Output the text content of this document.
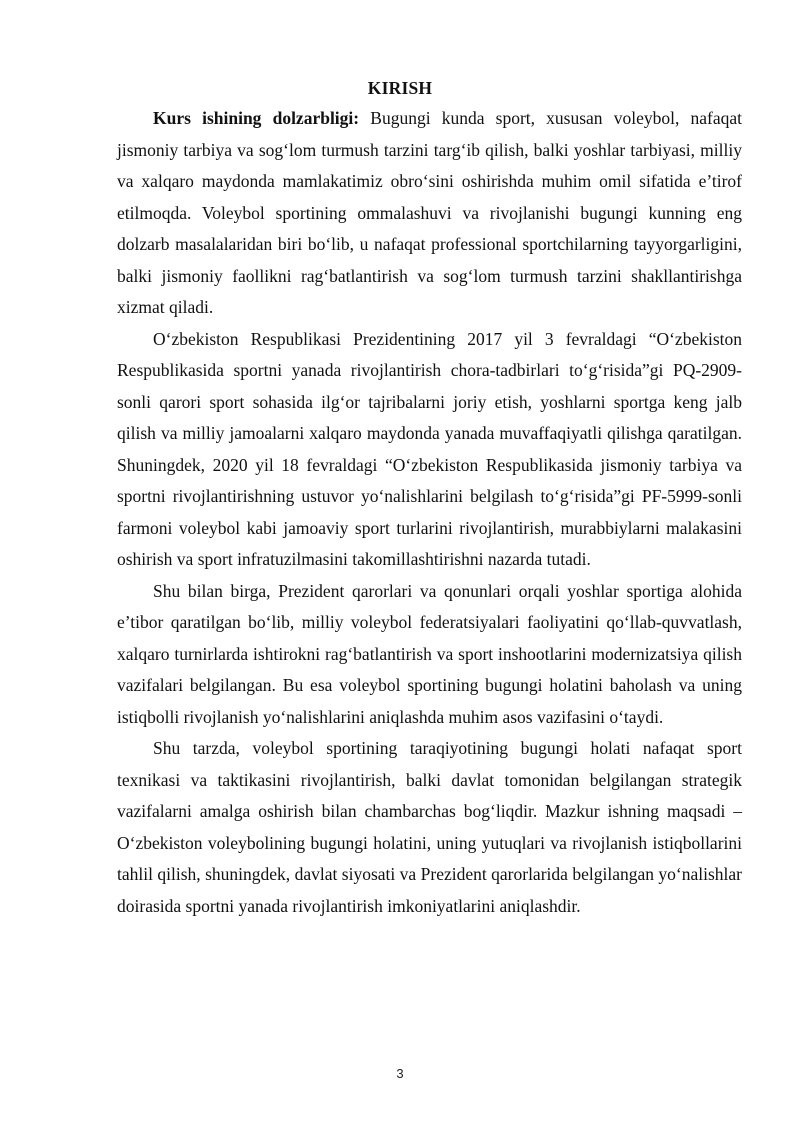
KIRISH

Kurs ishining dolzarbligi: Bugungi kunda sport, xususan voleybol, nafaqat jismoniy tarbiya va sog‘lom turmush tarzini targ‘ib qilish, balki yoshlar tarbiyasi, milliy va xalqaro maydonda mamlakatimiz obro‘sini oshirishda muhim omil sifatida e’tirof etilmoqda. Voleybol sportining ommalashuvi va rivojlanishi bugungi kunning eng dolzarb masalalaridan biri bo‘lib, u nafaqat professional sportchilarning tayyorgarligini, balki jismoniy faollikni rag‘batlantirish va sog‘lom turmush tarzini shakllantirishga xizmat qiladi.

O‘zbekiston Respublikasi Prezidentining 2017 yil 3 fevraldagi “O‘zbekiston Respublikasida sportni yanada rivojlantirish chora-tadbirlari to‘g‘risida”gi PQ-2909-sonli qarori sport sohasida ilg‘or tajribalarni joriy etish, yoshlarni sportga keng jalb qilish va milliy jamoalarni xalqaro maydonda yanada muvaffaqiyatli qilishga qaratilgan. Shuningdek, 2020 yil 18 fevraldagi “O‘zbekiston Respublikasida jismoniy tarbiya va sportni rivojlantirishning ustuvor yo‘nalishlarini belgilash to‘g‘risida”gi PF-5999-sonli farmoni voleybol kabi jamoaviy sport turlarini rivojlantirish, murabbiylarni malakasini oshirish va sport infratuzilmasini takomillashtirishni nazarda tutadi.

Shu bilan birga, Prezident qarorlari va qonunlari orqali yoshlar sportiga alohida e’tibor qaratilgan bo‘lib, milliy voleybol federatsiyalari faoliyatini qo‘llab-quvvatlash, xalqaro turnirlarda ishtirokni rag‘batlantirish va sport inshootlarini modernizatsiya qilish vazifalari belgilangan. Bu esa voleybol sportining bugungi holatini baholash va uning istiqbolli rivojlanish yo‘nalishlarini aniqlashda muhim asos vazifasini o‘taydi.

Shu tarzda, voleybol sportining taraqiyotining bugungi holati nafaqat sport texnikasi va taktikasini rivojlantirish, balki davlat tomonidan belgilangan strategik vazifalarni amalga oshirish bilan chambarchas bog‘liqdir. Mazkur ishning maqsadi – O‘zbekiston voleybolining bugungi holatini, uning yutuqlari va rivojlanish istiqbollarini tahlil qilish, shuningdek, davlat siyosati va Prezident qarorlarida belgilangan yo‘nalishlar doirasida sportni yanada rivojlantirish imkoniyatlarini aniqlashdir.

3
